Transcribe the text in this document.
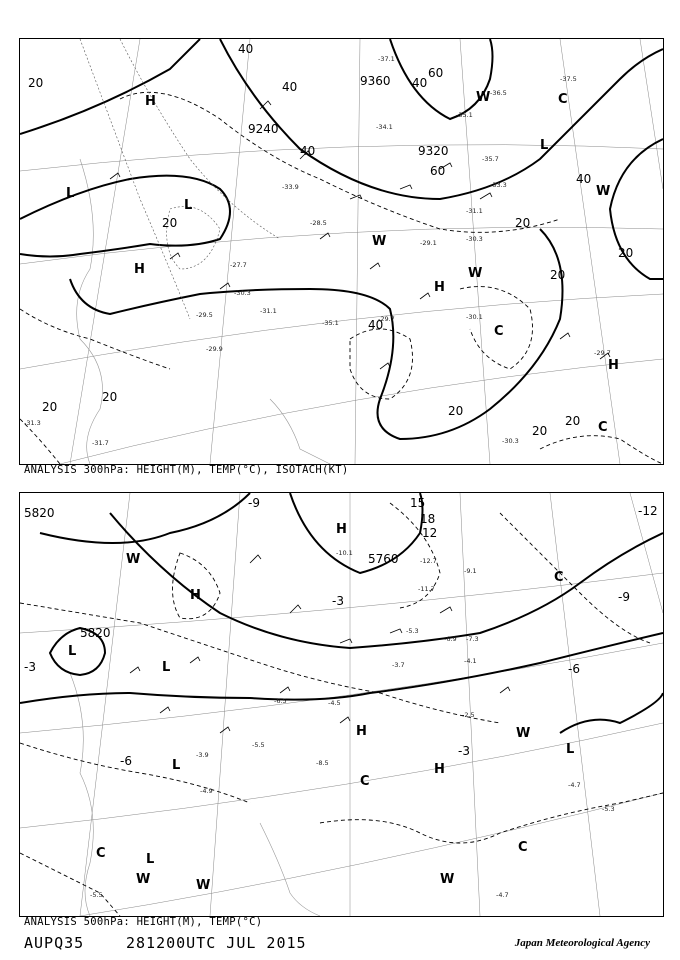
9360
9240
9320
20
20
20
20
20
20
20
20
20
20
40
40
40
40
40
40
60
60
H
H
H
H
L
L
L
C
C
C
W
W
W
W
-37.1
-34.1
-36.5
-37.5
-35.1
-35.7
-33.3
-30.3
-29.1
-31.1
-30.1
-29.7
-27.7
-28.5
-29.5	-31.1
-30.3
-35.1
-33.9
-31.7
-31.3
-29.9
-30.3
-29.7
ANALYSIS 300hPa: HEIGHT(M), TEMP(°C), ISOTACH(KT)
5820
5760
5820
-12
12
18
15
-3
-6
-9
-9
-3
-3
-6
H
H
H
H
L
L
L
L
L
C
C
C	C
W
W
W	W	W
-12.7
-11.7
-10.1
-9.1
-7.3
-6.9
-5.3
-4.1
-3.7
-2.5
-4.5
-6.5
-5.5
-4.9
-8.5
-4.7
-5.3
-5.5	-4.7
-3.9
ANALYSIS 500hPa: HEIGHT(M), TEMP(°C)
AUPQ35	281200UTC JUL 2015	Japan Meteorological Agency
